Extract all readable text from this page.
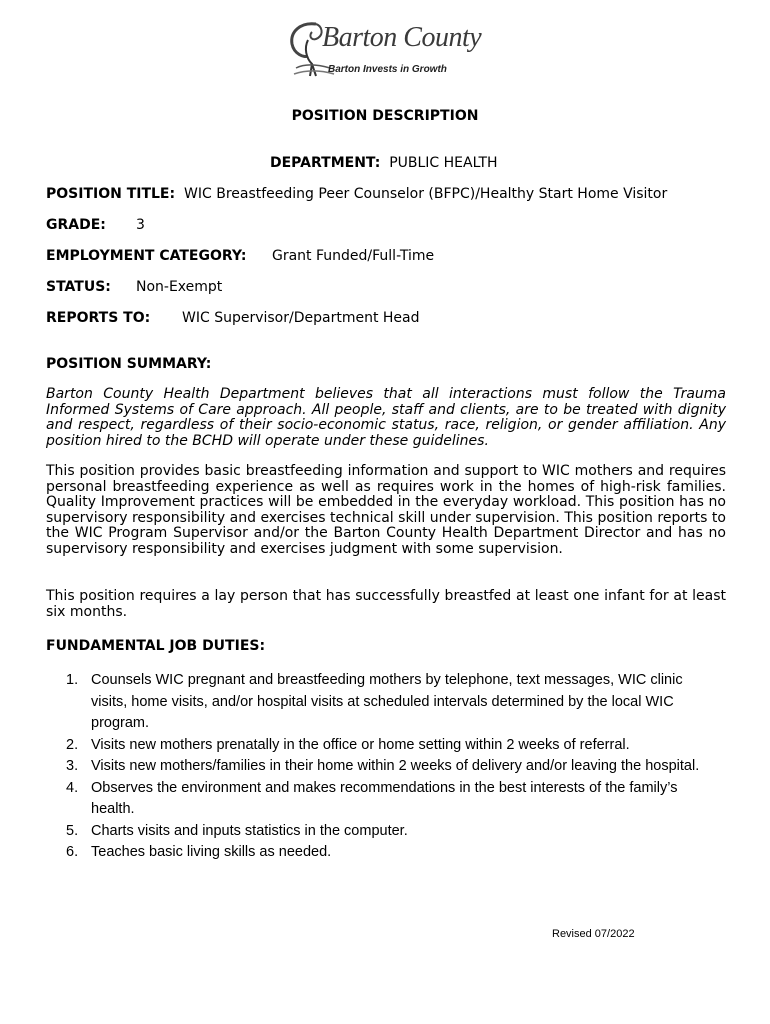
Barton County
Barton Invests in Growth
POSITION DESCRIPTION
DEPARTMENT: PUBLIC HEALTH
POSITION TITLE: WIC Breastfeeding Peer Counselor (BFPC)/Healthy Start Home Visitor
GRADE: 3
EMPLOYMENT CATEGORY: Grant Funded/Full-Time
STATUS: Non-Exempt
REPORTS TO: WIC Supervisor/Department Head
POSITION SUMMARY:

Barton County Health Department believes that all interactions must follow the Trauma Informed Systems of Care approach. All people, staff and clients, are to be treated with dignity and respect, regardless of their socio-economic status, race, religion, or gender affiliation. Any position hired to the BCHD will operate under these guidelines.

This position provides basic breastfeeding information and support to WIC mothers and requires personal breastfeeding experience as well as requires work in the homes of high-risk families. Quality Improvement practices will be embedded in the everyday workload. This position has no supervisory responsibility and exercises technical skill under supervision. This position reports to the WIC Program Supervisor and/or the Barton County Health Department Director and has no supervisory responsibility and exercises judgment with some supervision.

This position requires a lay person that has successfully breastfed at least one infant for at least six months.

FUNDAMENTAL JOB DUTIES:
1. Counsels WIC pregnant and breastfeeding mothers by telephone, text messages, WIC clinic visits, home visits, and/or hospital visits at scheduled intervals determined by the local WIC program.
2. Visits new mothers prenatally in the office or home setting within 2 weeks of referral.
3. Visits new mothers/families in their home within 2 weeks of delivery and/or leaving the hospital.
4. Observes the environment and makes recommendations in the best interests of the family’s health.
5. Charts visits and inputs statistics in the computer.
6. Teaches basic living skills as needed.
Revised 07/2022
